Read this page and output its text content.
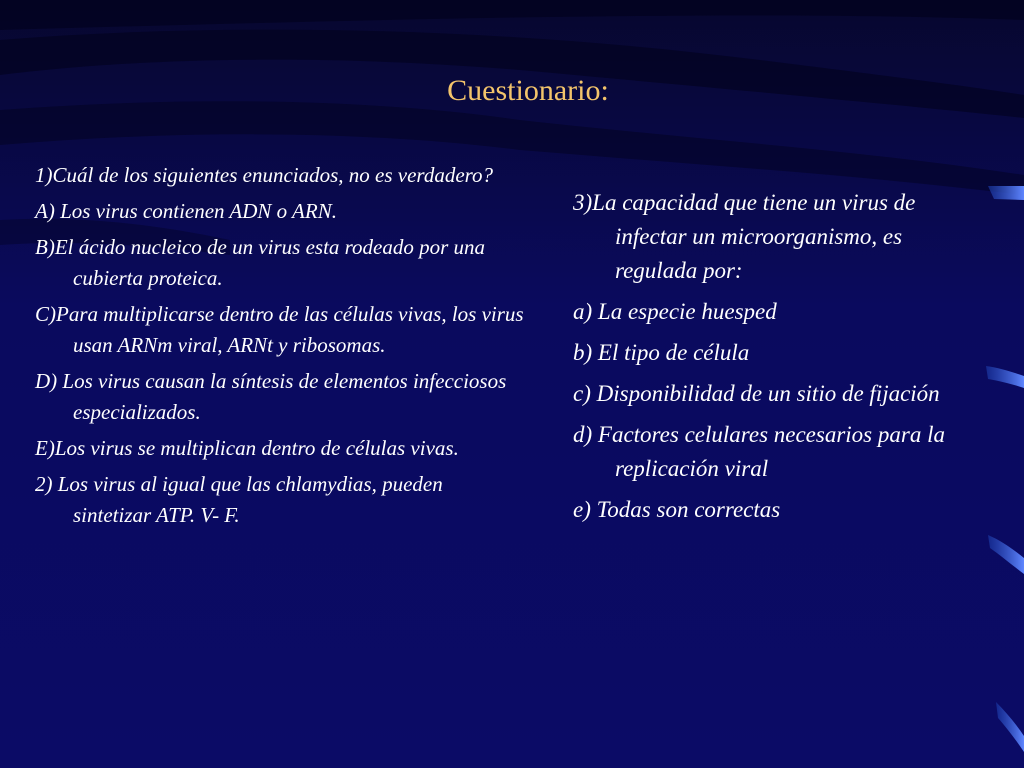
Cuestionario:

1)Cuál de los siguientes enunciados, no es verdadero?

A) Los virus contienen ADN o ARN.

B)El ácido nucleico de un virus esta rodeado por una cubierta proteica.

C)Para multiplicarse dentro de las células vivas, los virus usan ARNm viral, ARNt y ribosomas.

D) Los virus causan la síntesis de elementos infecciosos especializados.

E)Los virus se multiplican dentro de células vivas.

2) Los virus al igual que las chlamydias, pueden sintetizar ATP. V- F.

3)La capacidad que tiene un virus de infectar un microorganismo, es regulada por:

a) La especie huesped

b) El tipo de célula

c) Disponibilidad de un sitio de fijación

d) Factores celulares necesarios para la replicación viral

e) Todas son correctas
